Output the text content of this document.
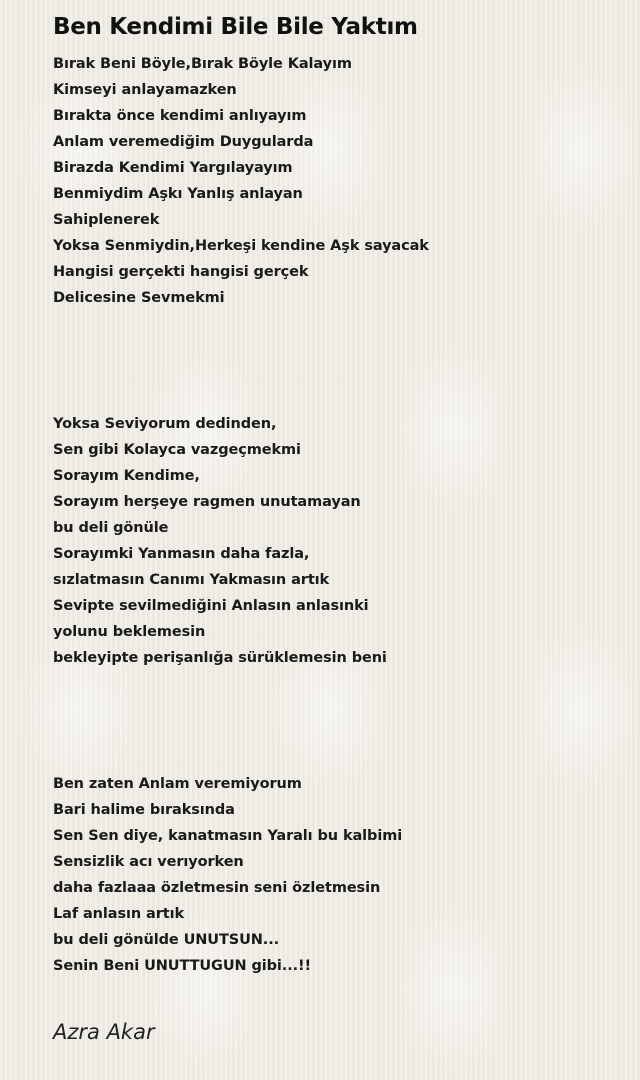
Ben Kendimi Bile Bile Yaktım
Bırak Beni Böyle,Bırak Böyle Kalayım
Kimseyi anlayamazken
Bırakta önce kendimi anlıyayım
Anlam veremediğim Duygularda
Birazda Kendimi Yargılayayım
Benmiydim Aşkı Yanlış anlayan
Sahiplenerek
Yoksa Senmiydin,Herkeşi kendine Aşk sayacak
Hangisi gerçekti hangisi gerçek
Delicesine Sevmekmi
Yoksa Seviyorum dedinden,
Sen gibi Kolayca vazgeçmekmi
Sorayım Kendime,
Sorayım herşeye ragmen unutamayan
bu deli gönüle
Sorayımki Yanmasın daha fazla,
sızlatmasın Canımı Yakmasın artık
Sevipte sevilmediğini Anlasın anlasınki
yolunu beklemesin
bekleyipte perişanlığa sürüklemesin beni
Ben zaten Anlam veremiyorum
Bari halime bıraksında
Sen Sen diye, kanatmasın Yaralı bu kalbimi
Sensizlik acı verıyorken
daha fazlaaa özletmesin seni özletmesin
Laf anlasın artık
bu deli gönülde UNUTSUN...
Senin Beni UNUTTUGUN gibi...!!
Azra Akar
